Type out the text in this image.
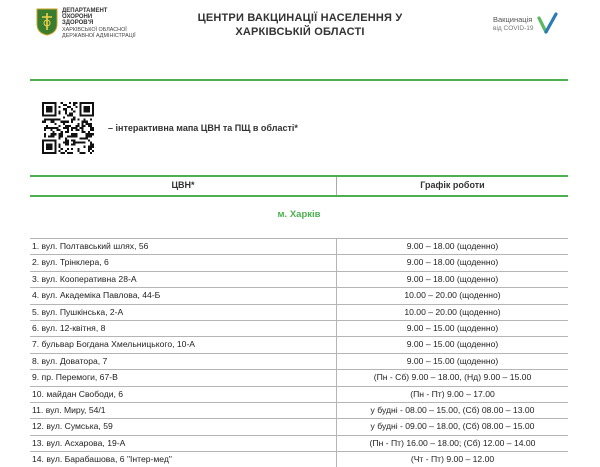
ДЕПАРТАМЕНТ
ОХОРОНИ
ЗДОРОВ'Я
ХАРКІВСЬКОЇ ОБЛАСНОЇ
ДЕРЖАВНОЇ АДМІНІСТРАЦІЇ
ЦЕНТРИ ВАКЦИНАЦІЇ НАСЕЛЕННЯ У
ХАРКІВСЬКІЙ ОБЛАСТІ
Вакцинація
від COVID-19
– інтерактивна мапа ЦВН та ПЩ в області*
ЦВН*	Графік роботи
м. Харків
1. вул. Полтавський шлях, 56	9.00 – 18.00 (щоденно)
2. вул. Трінклера, 6	9.00 – 18.00 (щоденно)
3. вул. Кооперативна 28-А	9.00 – 18.00 (щоденно)
4. вул. Академіка Павлова, 44-Б	10.00 – 20.00 (щоденно)
5. вул. Пушкінська, 2-А	10.00 – 20.00 (щоденно)
6. вул. 12-квітня, 8	9.00 – 15.00 (щоденно)
7. бульвар Богдана Хмельницького, 10-А	9.00 – 15.00 (щоденно)
8. вул. Доватора, 7	9.00 – 15.00 (щоденно)
9. пр. Перемоги, 67-В	(Пн - Сб) 9.00 – 18.00, (Нд) 9.00 – 15.00
10. майдан Свободи, 6	(Пн - Пт) 9.00 – 17.00
11. вул. Миру, 54/1	у будні - 08.00 – 15.00, (Сб) 08.00 – 13.00
12. вул. Сумська, 59	у будні - 09.00 – 18.00, (Сб) 08.00 – 15.00
13. вул. Асхарова, 19-А	(Пн - Пт) 16.00 – 18.00; (Сб) 12.00 – 14.00
14. вул. Барабашова, 6 "Інтер-мед"	(Чт - Пт) 9.00 – 12.00
